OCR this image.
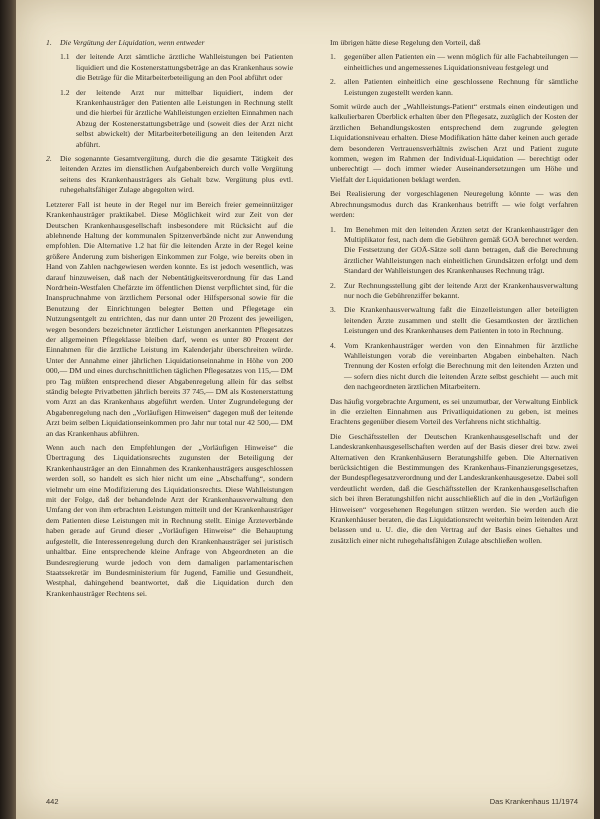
1.	Die Vergütung der Liquidation, wenn entweder
1.1 der leitende Arzt sämtliche ärztliche Wahlleistungen bei Patienten liquidiert und die Kostenerstattungsbeträge an das Krankenhaus sowie die Beträge für die Mitarbeiterbeteiligung an den Pool abführt oder
1.2 der leitende Arzt nur mittelbar liquidiert, indem der Krankenhausträger den Patienten alle Leistungen in Rechnung stellt und die hierbei für ärztliche Wahlleistungen erzielten Einnahmen nach Abzug der Kostenerstattungsbeträge und (soweit dies der Arzt nicht selbst abwickelt) der Mitarbeiterbeteiligung an den leitenden Arzt abführt.
2.	Die sogenannte Gesamtvergütung, durch die die gesamte Tätigkeit des leitenden Arztes im dienstlichen Aufgabenbereich durch volle Vergütung seitens des Krankenhausträgers als Gehalt bzw. Vergütung plus evtl. ruhegehaltsfähiger Zulage abgegolten wird.

Letzterer Fall ist heute in der Regel nur im Bereich freier gemeinnütziger Krankenhausträger praktikabel. Diese Möglichkeit wird zur Zeit von der Deutschen Krankenhausgesellschaft insbesondere mit Rücksicht auf die ablehnende Haltung der kommunalen Spitzenverbände nicht zur Anwendung empfohlen. Die Alternative 1.2 hat für die leitenden Ärzte in der Regel keine größere Änderung zum bisherigen Einkommen zur Folge, wie bereits oben in Hand von Zahlen nachgewiesen werden konnte. Es ist jedoch wesentlich, was darauf hinzuweisen, daß nach der Nebentätigkeitsverordnung für das Land Nordrhein-Westfalen Chefärzte im öffentlichen Dienst verpflichtet sind, für die Inanspruchnahme von ärztlichem Personal oder Hilfspersonal sowie für die Benutzung der Einrichtungen belegter Betten und Pflegetage ein Nutzungsentgelt zu entrichten, das nur dann unter 20 Prozent des jeweiligen, wegen besonders bezeichneter ärztlicher Leistungen anerkannten Pflegesatzes der allgemeinen Pflegeklasse bleiben darf, wenn es unter 80 Prozent der Einnahmen für die ärztliche Leistung im Kalenderjahr überschreiten würde. Unter der Annahme einer jährlichen Liquidationseinnahme in Höhe von 200 000,— DM und eines durchschnittlichen täglichen Pflegesatzes von 115,— DM pro Tag müßten entsprechend dieser Abgabenregelung allein für das selbst ständig belegte Privatbetten jährlich bereits 37 745,— DM als Kostenerstattung vom Arzt an das Krankenhaus abgeführt werden. Unter Zugrundelegung der Abgabenregelung nach den „Vorläufigen Hinweisen“ dagegen muß der leitende Arzt beim selben Liquidationseinkommen pro Jahr nur total nur 42 500,— DM an das Krankenhaus abführen.

Wenn auch nach den Empfehlungen der „Vorläufigen Hinweise“ die Übertragung des Liquidationsrechts zugunsten der Beteiligung der Krankenhausträger an den Einnahmen des Krankenhausträgers ausgeschlossen werden soll, so handelt es sich hier nicht um eine „Abschaffung“, sondern vielmehr um eine Modifizierung des Liquidationsrechts. Diese Wahlleistungen mit der Folge, daß der behandelnde Arzt der Krankenhausverwaltung den Umfang der von ihm erbrachten Leistungen mitteilt und der Krankenhausträger dem Patienten diese Leistungen mit in Rechnung stellt. Einige Ärzteverbände haben gerade auf Grund dieser „Vorläufigen Hinweise“ die Behauptung aufgestellt, die Interessenregelung durch den Krankenhausträger sei juristisch unhaltbar. Eine entsprechende kleine Anfrage von Abgeordneten an die Bundesregierung wurde jedoch von dem damaligen parlamentarischen Staatssekretär im Bundesministerium für Jugend, Familie und Gesundheit, Westphal, dahingehend beantwortet, daß die Liquidation durch den Krankenhausträger Rechtens sei.

Im übrigen hätte diese Regelung den Vorteil, daß

1.	gegenüber allen Patienten ein — wenn möglich für alle Fachabteilungen — einheitliches und angemessenes Liquidationsniveau festgelegt und
2.	allen Patienten einheitlich eine geschlossene Rechnung für sämtliche Leistungen zugestellt werden kann.

Somit würde auch der „Wahlleistungs-Patient“ erstmals einen eindeutigen und kalkulierbaren Überblick erhalten über den Pflegesatz, zuzüglich der Kosten der ärztlichen Behandlungskosten entsprechend dem zugrunde gelegten Liquidationsniveau erhalten. Diese Modifikation hätte daher keinen auch gerade dem besonderen Vertrauensverhältnis zwischen Arzt und Patient zugute kommen, wegen im Rahmen der Individual-Liquidation — berechtigt oder unberechtigt — doch immer wieder Auseinandersetzungen um Höhe und Vielfalt der Liquidationen beklagt werden.

Bei Realisierung der vorgeschlagenen Neuregelung könnte — was den Abrechnungsmodus durch das Krankenhaus betrifft — wie folgt verfahren werden:

1.	Im Benehmen mit den leitenden Ärzten setzt der Krankenhausträger den Multiplikator fest, nach dem die Gebühren gemäß GOÄ berechnet werden. Die Festsetzung der GOÄ-Sätze soll dann betragen, daß die Berechnung ärztlicher Wahlleistungen nach einheitlichen Grundsätzen erfolgt und dem Standard der Wahlleistungen des Krankenhauses Rechnung trägt.
2.	Zur Rechnungsstellung gibt der leitende Arzt der Krankenhausverwaltung nur noch die Gebührenziffer bekannt.
3.	Die Krankenhausverwaltung faßt die Einzelleistungen aller beteiligten leitenden Ärzte zusammen und stellt die Gesamtkosten der ärztlichen Leistungen und des Krankenhauses dem Patienten in toto in Rechnung.
4.	Vom Krankenhausträger werden von den Einnahmen für ärztliche Wahlleistungen vorab die vereinbarten Abgaben einbehalten. Nach Trennung der Kosten erfolgt die Berechnung mit den leitenden Ärzten und — sofern dies nicht durch die leitenden Ärzte selbst geschieht — auch mit den nachgeordneten ärztlichen Mitarbeitern.

Das häufig vorgebrachte Argument, es sei unzumutbar, der Verwaltung Einblick in die erzielten Einnahmen aus Privatliquidationen zu geben, ist meines Erachtens gegenüber diesem Vorteil des Verfahrens nicht stichhaltig.

Die Geschäftsstellen der Deutschen Krankenhausgesellschaft und der Landeskrankenhausgesellschaften werden auf der Basis dieser drei bzw. zwei Alternativen den Krankenhäusern Beratungshilfe geben. Die Alternativen berücksichtigen die Bestimmungen des Krankenhaus-Finanzierungsgesetzes, der Bundespflegesatzverordnung und der Landeskrankenhausgesetze. Dabei soll verdeutlicht werden, daß die Geschäftsstellen der Krankenhausgesellschaften sich bei ihren Beratungshilfen nicht ausschließlich auf die in den „Vorläufigen Hinweisen“ vorgesehenen Regelungen stützen werden. Sie werden auch die Krankenhäuser beraten, die das Liquidationsrecht weiterhin beim leitenden Arzt belassen und u. U. die, die den Vertrag auf der Basis eines Gehaltes und zusätzlich einer nicht ruhegehaltsfähigen Zulage abschließen wollen.

442	Das Krankenhaus 11/1974
